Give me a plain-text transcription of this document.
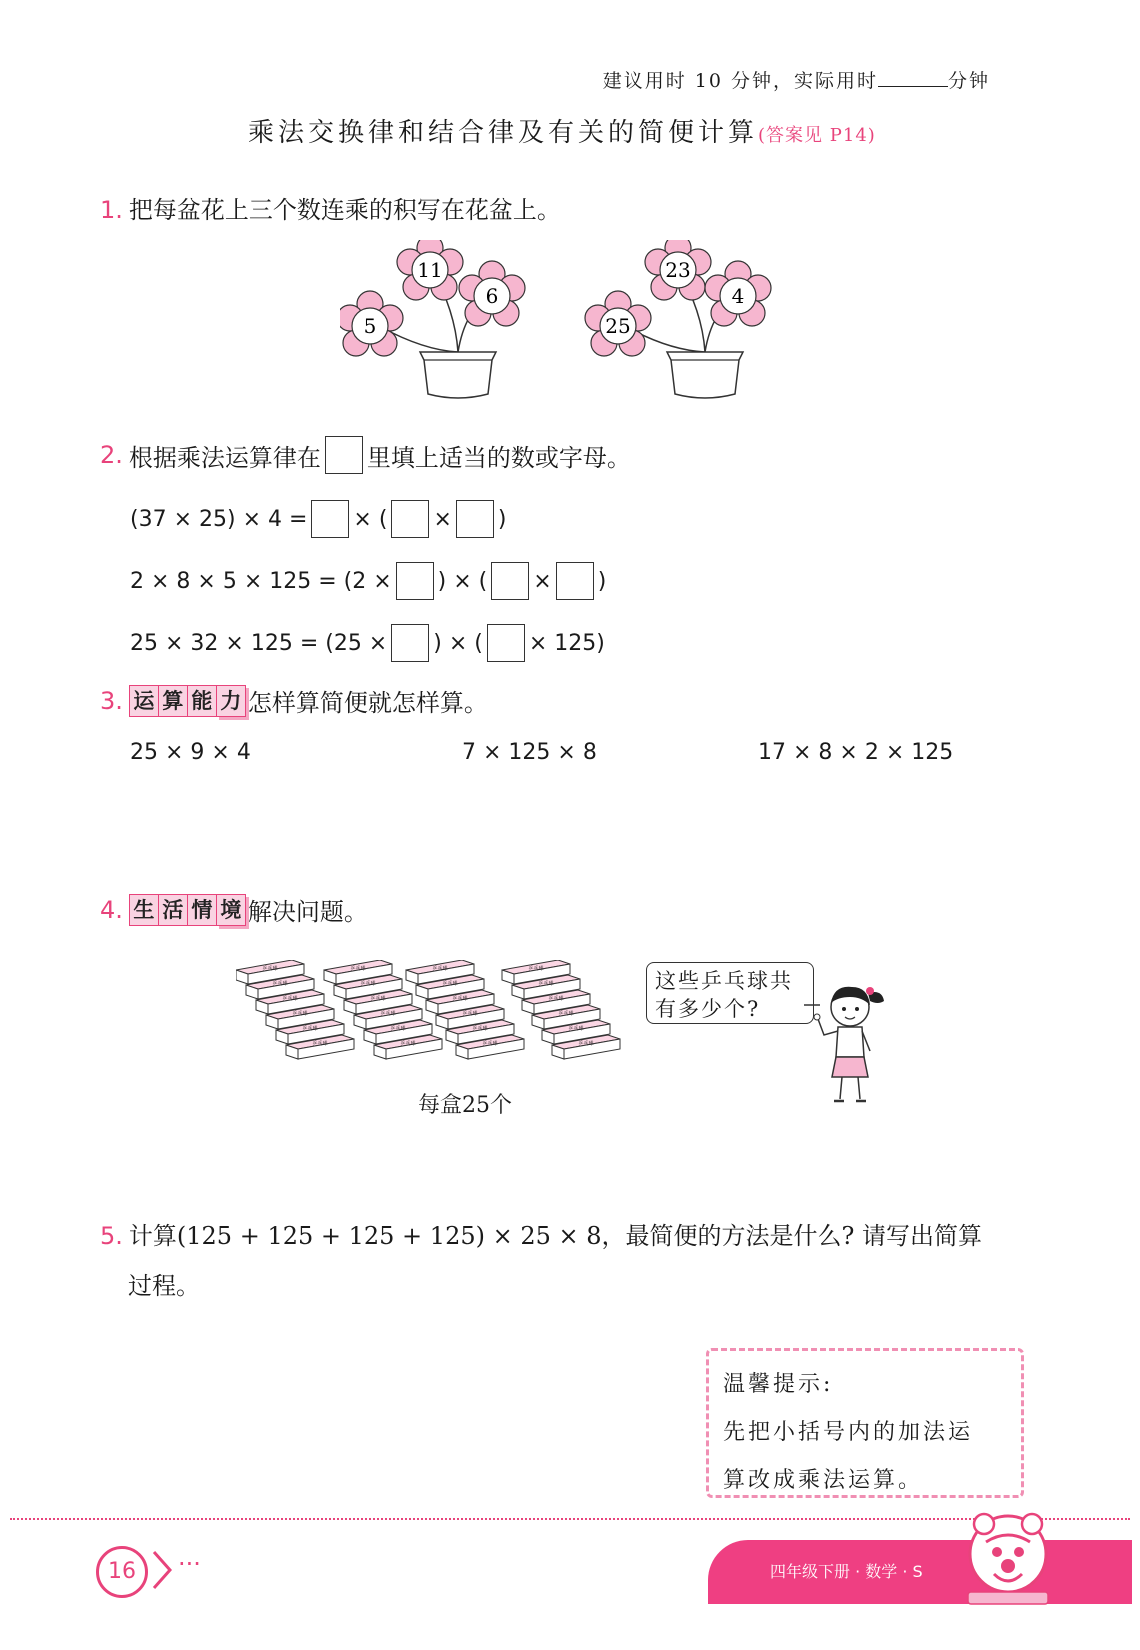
建议用时 10 分钟，实际用时	分钟
乘法交换律和结合律及有关的简便计算(答案见 P14)
1. 把每盆花上三个数连乘的积写在花盆上。
11
6
5
23
4
25
2. 根据乘法运算律在 里填上适当的数或字母。
(37 × 25) × 4 = × ( × )
2 × 8 × 5 × 125 = (2 × ) × ( × )
25 × 32 × 125 = (25 × ) × ( × 125)
3. 运 算 能 力 怎样算简便就怎样算。
25 × 9 × 4	7 × 125 × 8	17 × 8 × 2 × 125
4. 生 活 情 境 解决问题。
乒乓球
乒乓球
乒乓球
乒乓球
乒乓球
乒乓球
乒乓球
乒乓球
乒乓球
乒乓球
乒乓球
乒乓球
乒乓球
乒乓球
乒乓球
乒乓球
乒乓球
乒乓球
乒乓球
乒乓球
乒乓球
乒乓球
乒乓球
乒乓球
每盒25个
这些乒乓球共
有多少个?
5. 计算(125 + 125 + 125 + 125) × 25 × 8，最简便的方法是什么? 请写出简算
过程。
温馨提示:
先把小括号内的加法运
算改成乘法运算。
16	···	四年级下册 · 数学 · S
